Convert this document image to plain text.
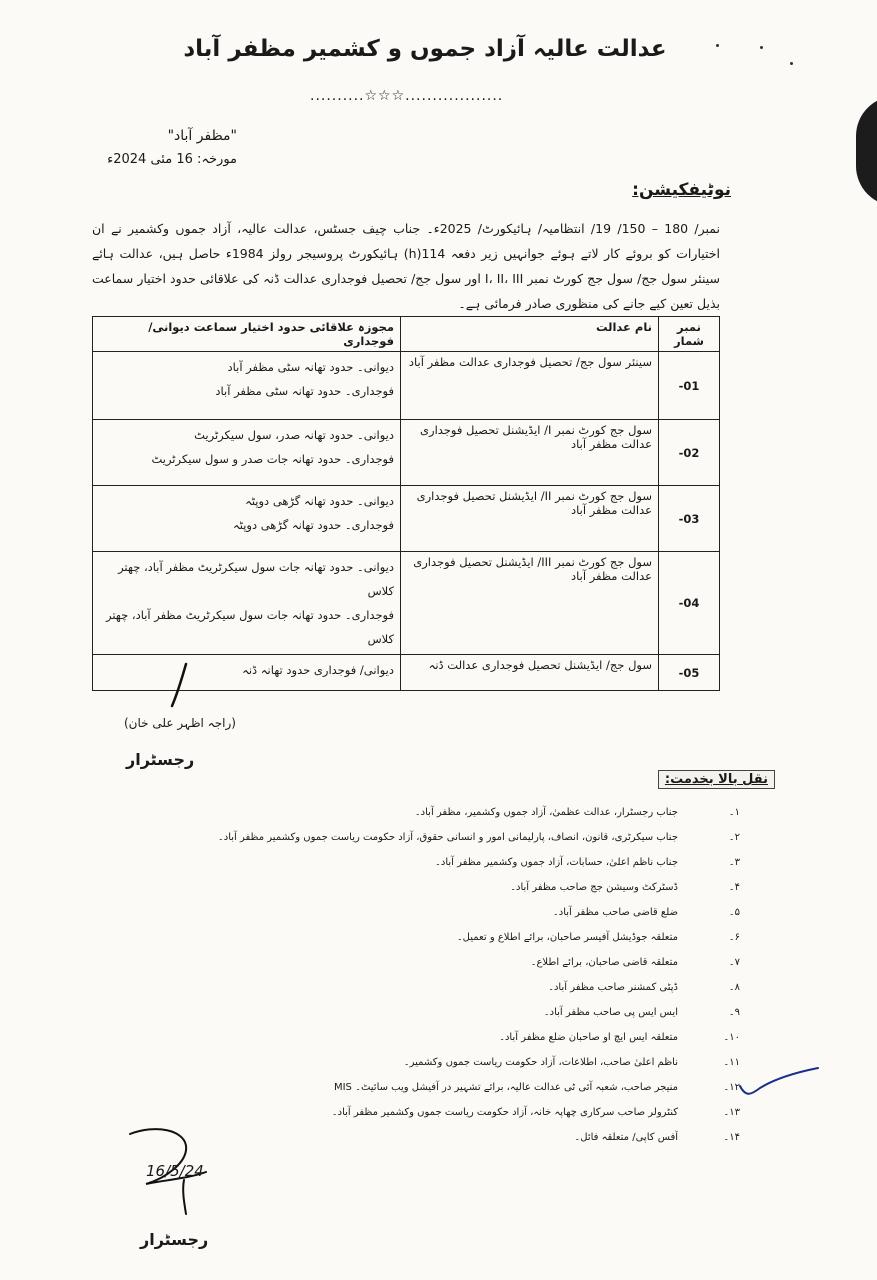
عدالت عالیہ آزاد جموں و کشمیر مظفر آباد
..........☆☆☆..................
"مظفر آباد"
مورخہ: 16 مئی 2024ء
نوٹیفکیشن:
نمبر/ 180 – 150/ 19/ انتظامیہ/ ہائیکورٹ/ 2025ء۔ جناب چیف جسٹس، عدالت عالیہ، آزاد جموں وکشمیر نے ان اختیارات کو بروئے کار لاتے ہوئے جوانہیں زیر دفعہ 114(h) ہائیکورٹ پروسیجر رولز 1984ء حاصل ہیں، عدالت ہائے سینئر سول جج/ سول جج کورٹ نمبر I، II، III اور سول جج/ تحصیل فوجداری عدالت ڈنہ کی علاقائی حدود اختیار سماعت بذیل تعین کیے جانے کی منظوری صادر فرمائی ہے۔
نمبر شمار	نام عدالت	مجوزہ علاقائی حدود اختیار سماعت دیوانی/ فوجداری
01-	سینئر سول جج/ تحصیل فوجداری عدالت مظفر آباد	دیوانی۔ حدود تھانہ سٹی مظفر آباد
فوجداری۔ حدود تھانہ سٹی مظفر آباد

02-	سول جج کورٹ نمبر I/ ایڈیشنل تحصیل فوجداری عدالت مظفر آباد	دیوانی۔ حدود تھانہ صدر، سول سیکرٹریٹ
فوجداری۔ حدود تھانہ جات صدر و سول سیکرٹریٹ

03-	سول جج کورٹ نمبر II/ ایڈیشنل تحصیل فوجداری عدالت مظفر آباد	دیوانی۔ حدود تھانہ گڑھی دوپٹہ
فوجداری۔ حدود تھانہ گڑھی دوپٹہ

04-	سول جج کورٹ نمبر III/ ایڈیشنل تحصیل فوجداری عدالت مظفر آباد	دیوانی۔ حدود تھانہ جات سول سیکرٹریٹ مظفر آباد، چھتر کلاس
فوجداری۔ حدود تھانہ جات سول سیکرٹریٹ مظفر آباد، چھتر کلاس

05-	سول جج/ ایڈیشنل تحصیل فوجداری عدالت ڈنہ	دیوانی/ فوجداری حدود تھانہ ڈنہ
(راجہ اظہر علی خان)
رجسٹرار
نقل بالا بخدمت:
۱۔
جناب رجسٹرار، عدالت عظمیٰ، آزاد جموں وکشمیر، مظفر آباد۔
۲۔
جناب سیکرٹری، قانون، انصاف، پارلیمانی امور و انسانی حقوق، آزاد حکومت ریاست جموں وکشمیر مظفر آباد۔
۳۔
جناب ناظم اعلیٰ، حسابات، آزاد جموں وکشمیر مظفر آباد۔
۴۔
ڈسٹرکٹ وسیشن جج صاحب مظفر آباد۔
۵۔
ضلع قاضی صاحب مظفر آباد۔
۶۔
متعلقہ جوڈیشل آفیسر صاحبان، برائے اطلاع و تعمیل۔
۷۔
متعلقہ قاضی صاحبان، برائے اطلاع۔
۸۔
ڈپٹی کمشنر صاحب مظفر آباد۔
۹۔
ایس ایس پی صاحب مظفر آباد۔
۱۰۔
متعلقہ ایس ایچ او صاحبان ضلع مظفر آباد۔
۱۱۔
ناظم اعلیٰ صاحب، اطلاعات، آزاد حکومت ریاست جموں وکشمیر۔
۱۲۔
MIS منیجر صاحب، شعبہ آئی ٹی عدالت عالیہ، برائے تشہیر در آفیشل ویب سائیٹ۔
۱۳۔
کنٹرولر صاحب سرکاری چھاپہ خانہ، آزاد حکومت ریاست جموں وکشمیر مظفر آباد۔
۱۴۔
آفس کاپی/ متعلقہ فائل۔
16/5/24
رجسٹرار
